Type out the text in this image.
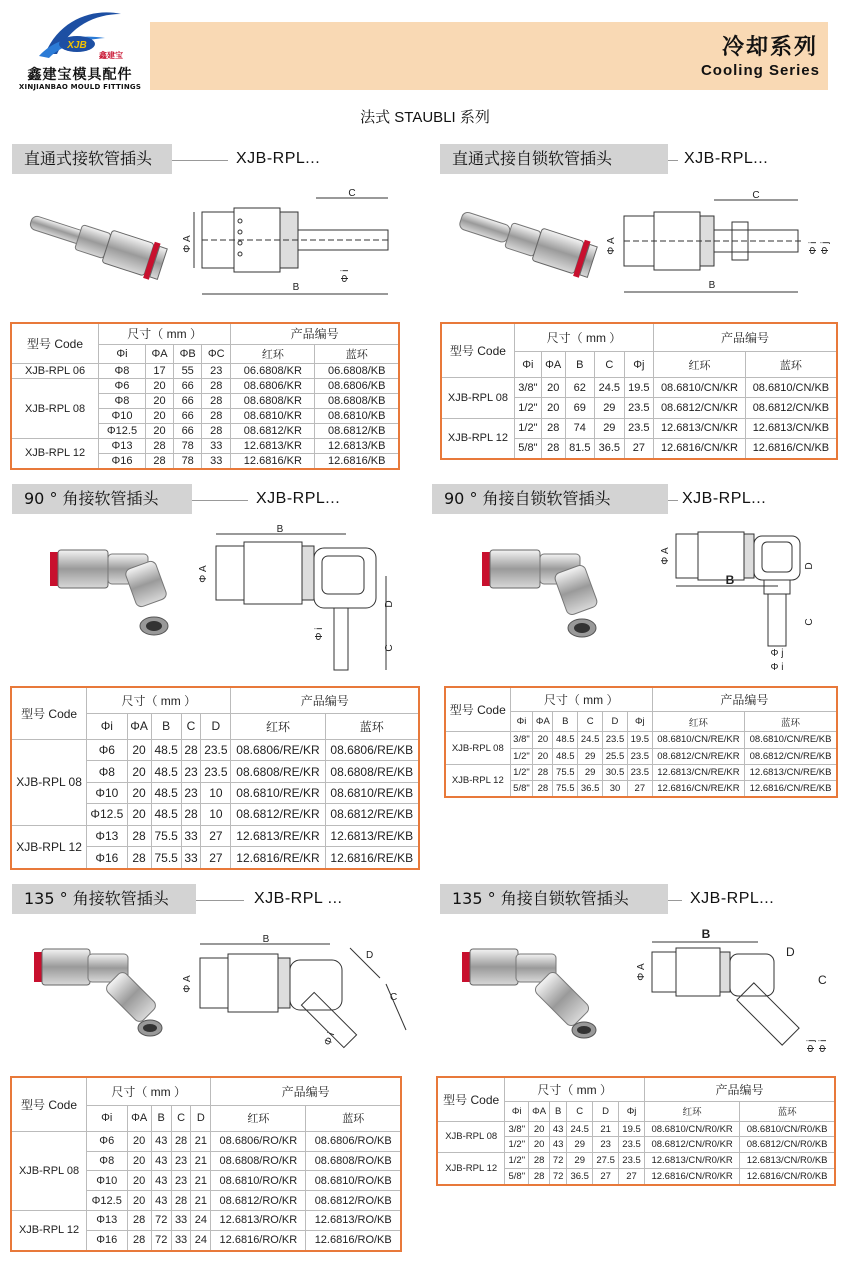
XJB
鑫建宝
鑫建宝模具配件
XINJIANBAO MOULD FITTINGS
冷却系列
Cooling Series
法式 STAUBLI 系列
直通式接软管插头	XJB-RPL...	直通式接自锁软管插头	XJB-RPL...
90 ° 角接软管插头	XJB-RPL...	90 ° 角接自锁软管插头	XJB-RPL...
135 ° 角接软管插头	XJB-RPL ...	135 ° 角接自锁软管插头	XJB-RPL...
C
B
Φ A
Φ i
C
B
Φ A	Φ i Φ j
B
Φ A
D
C
Φ i
B
Φ A
D
C
Φ j
Φ i
B
Φ A
D
C
Φ i
B
Φ A
D
C
Φ i
Φ j
型号 Code	尺寸（ mm ）				产品编号	
	Φi	ΦA	ΦB	ΦC	红环	蓝环
XJB-RPL 06	Φ8	17	55	23	06.6808/KR	06.6808/KB
XJB-RPL 08	Φ6	20	66	28	08.6806/KR	08.6806/KB
	Φ8	20	66	28	08.6808/KR	08.6808/KB
	Φ10	20	66	28	08.6810/KR	08.6810/KB
	Φ12.5	20	66	28	08.6812/KR	08.6812/KB
XJB-RPL 12	Φ13	28	78	33	12.6813/KR	12.6813/KB
	Φ16	28	78	33	12.6816/KR	12.6816/KB
型号 Code	尺寸（ mm ）					产品编号	
	Φi	ΦA	B	C	Φj	红环	蓝环
XJB-RPL 08	3/8"	20	62	24.5	19.5	08.6810/CN/KR	08.6810/CN/KB
	1/2"	20	69	29	23.5	08.6812/CN/KR	08.6812/CN/KB
XJB-RPL 12	1/2"	28	74	29	23.5	12.6813/CN/KR	12.6813/CN/KB
	5/8"	28	81.5	36.5	27	12.6816/CN/KR	12.6816/CN/KB
型号 Code	尺寸（ mm ）					产品编号	
	Φi	ΦA	B	C	D	红环	蓝环
XJB-RPL 08	Φ6	20	48.5	28	23.5	08.6806/RE/KR	08.6806/RE/KB
	Φ8	20	48.5	23	23.5	08.6808/RE/KR	08.6808/RE/KB
	Φ10	20	48.5	23	10	08.6810/RE/KR	08.6810/RE/KB
	Φ12.5	20	48.5	28	10	08.6812/RE/KR	08.6812/RE/KB
XJB-RPL 12	Φ13	28	75.5	33	27	12.6813/RE/KR	12.6813/RE/KB
	Φ16	28	75.5	33	27	12.6816/RE/KR	12.6816/RE/KB
型号 Code	尺寸（ mm ）						产品编号	
	Φi	ΦA	B	C	D	Φj	红环	蓝环
XJB-RPL 08	3/8"	20	48.5	24.5	23.5	19.5	08.6810/CN/RE/KR	08.6810/CN/RE/KB
	1/2"	20	48.5	29	25.5	23.5	08.6812/CN/RE/KR	08.6812/CN/RE/KB
XJB-RPL 12	1/2"	28	75.5	29	30.5	23.5	12.6813/CN/RE/KR	12.6813/CN/RE/KB
	5/8"	28	75.5	36.5	30	27	12.6816/CN/RE/KR	12.6816/CN/RE/KB
型号 Code	尺寸（ mm ）					产品编号	
	Φi	ΦA	B	C	D	红环	蓝环
XJB-RPL 08	Φ6	20	43	28	21	08.6806/RO/KR	08.6806/RO/KB
	Φ8	20	43	23	21	08.6808/RO/KR	08.6808/RO/KB
	Φ10	20	43	23	21	08.6810/RO/KR	08.6810/RO/KB
	Φ12.5	20	43	28	21	08.6812/RO/KR	08.6812/RO/KB
XJB-RPL 12	Φ13	28	72	33	24	12.6813/RO/KR	12.6813/RO/KB
	Φ16	28	72	33	24	12.6816/RO/KR	12.6816/RO/KB
型号 Code	尺寸（ mm ）						产品编号	
	Φi	ΦA	B	C	D	Φj	红环	蓝环
XJB-RPL 08	3/8"	20	43	24.5	21	19.5	08.6810/CN/R0/KR	08.6810/CN/R0/KB
	1/2"	20	43	29	23	23.5	08.6812/CN/R0/KR	08.6812/CN/R0/KB
XJB-RPL 12	1/2"	28	72	29	27.5	23.5	12.6813/CN/R0/KR	12.6813/CN/R0/KB
	5/8"	28	72	36.5	27	27	12.6816/CN/R0/KR	12.6816/CN/R0/KB
